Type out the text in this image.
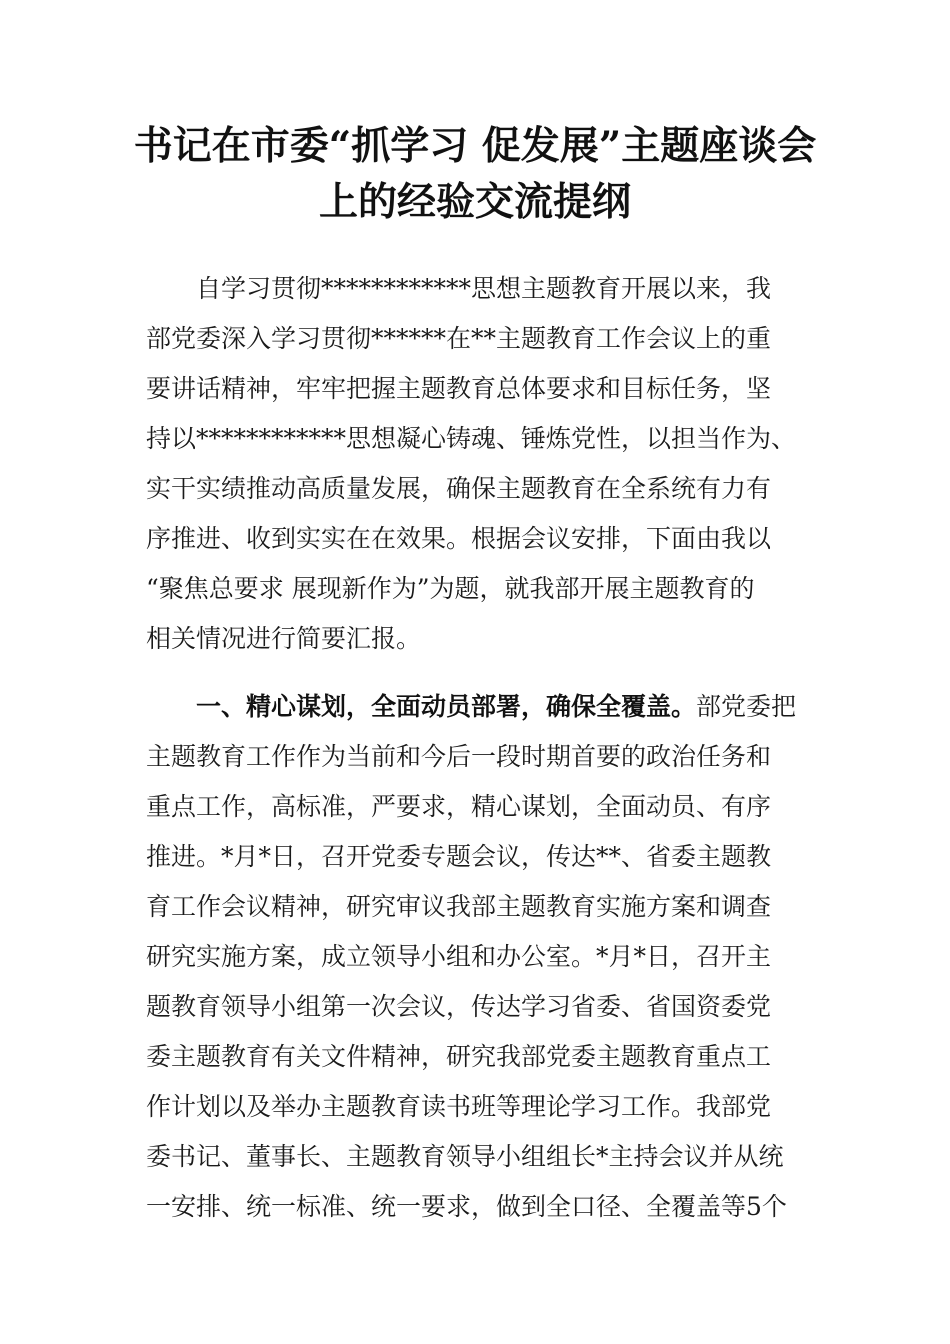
书记在市委“抓学习 促发展”主题座谈会
上的经验交流提纲
自学习贯彻************思想主题教育开展以来，我
部党委深入学习贯彻******在**主题教育工作会议上的重
要讲话精神，牢牢把握主题教育总体要求和目标任务，坚
持以************思想凝心铸魂、锤炼党性，以担当作为、
实干实绩推动高质量发展，确保主题教育在全系统有力有
序推进、收到实实在在效果。根据会议安排，下面由我以
“聚焦总要求 展现新作为”为题，就我部开展主题教育的
相关情况进行简要汇报。
一、精心谋划，全面动员部署，确保全覆盖。部党委把
主题教育工作作为当前和今后一段时期首要的政治任务和
重点工作，高标准，严要求，精心谋划，全面动员、有序
推进。*月*日，召开党委专题会议，传达**、省委主题教
育工作会议精神，研究审议我部主题教育实施方案和调查
研究实施方案，成立领导小组和办公室。*月*日，召开主
题教育领导小组第一次会议，传达学习省委、省国资委党
委主题教育有关文件精神，研究我部党委主题教育重点工
作计划以及举办主题教育读书班等理论学习工作。我部党
委书记、董事长、主题教育领导小组组长*主持会议并从统
一安排、统一标准、统一要求，做到全口径、全覆盖等5个
